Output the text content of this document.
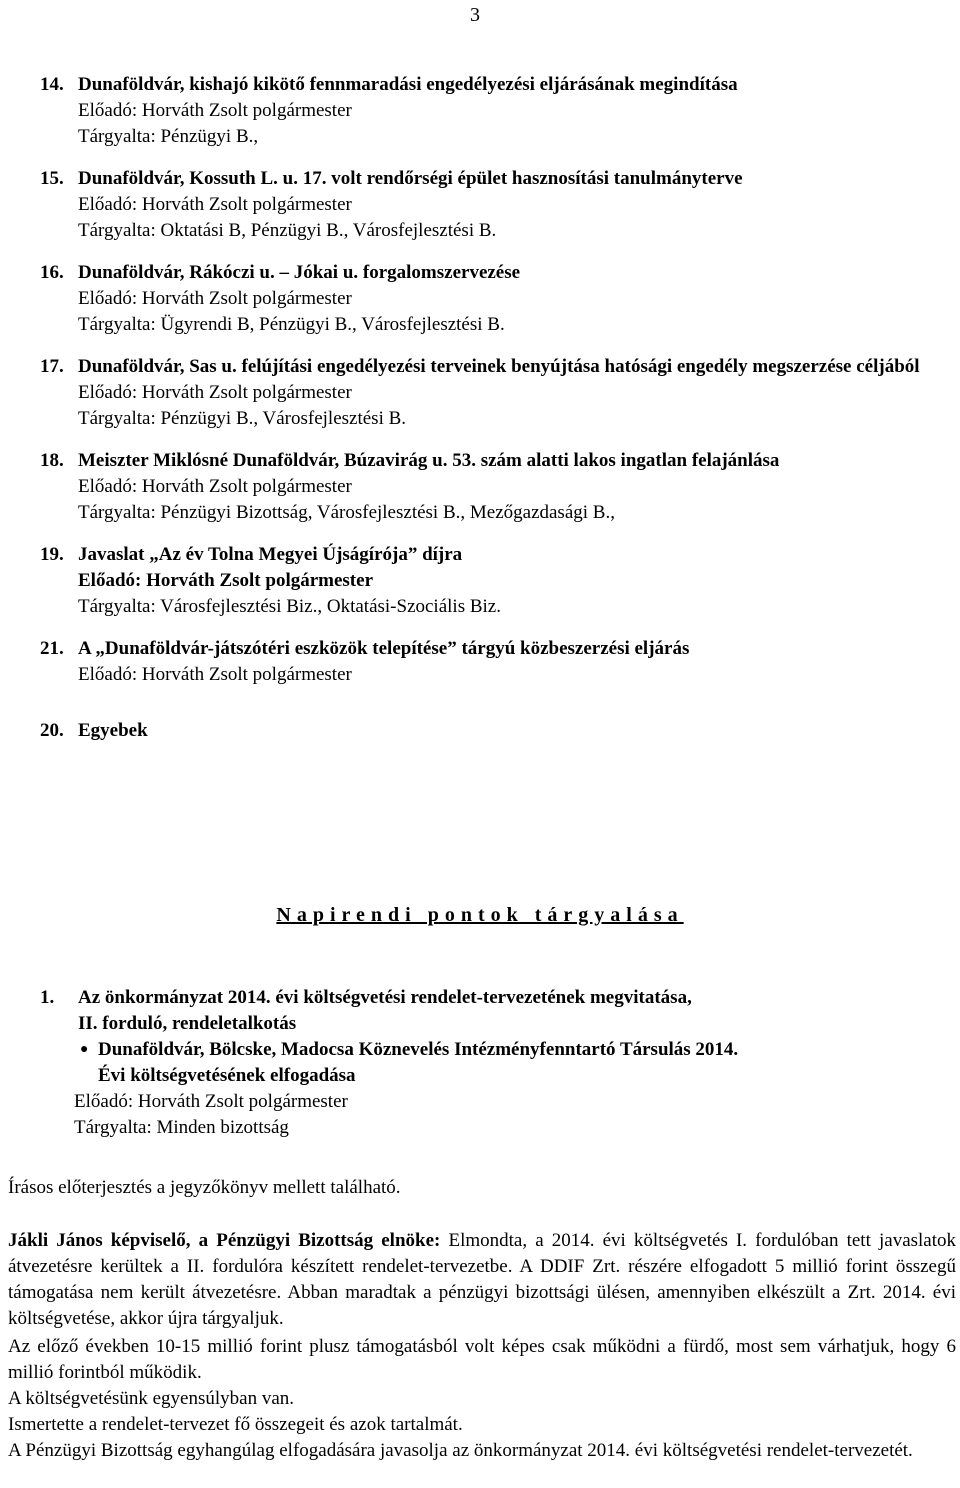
3
14. Dunaföldvár, kishajó kikötő fennmaradási engedélyezési eljárásának megindítása
Előadó: Horváth Zsolt polgármester
Tárgyalta: Pénzügyi B.,
15. Dunaföldvár, Kossuth L. u. 17. volt rendőrségi épület hasznosítási tanulmányterve
Előadó: Horváth Zsolt polgármester
Tárgyalta: Oktatási B, Pénzügyi B., Városfejlesztési B.
16. Dunaföldvár, Rákóczi u. – Jókai u. forgalomszervezése
Előadó: Horváth Zsolt polgármester
Tárgyalta: Ügyrendi B, Pénzügyi B., Városfejlesztési B.
17. Dunaföldvár, Sas u. felújítási engedélyezési terveinek benyújtása hatósági engedély megszerzése céljából
Előadó: Horváth Zsolt polgármester
Tárgyalta: Pénzügyi B., Városfejlesztési B.
18. Meiszter Miklósné Dunaföldvár, Búzavirág u. 53. szám alatti lakos ingatlan felajánlása
Előadó: Horváth Zsolt polgármester
Tárgyalta: Pénzügyi Bizottság, Városfejlesztési B., Mezőgazdasági B.,
19. Javaslat „Az év Tolna Megyei Újságírója” díjra
Előadó: Horváth Zsolt polgármester
Tárgyalta: Városfejlesztési Biz., Oktatási-Szociális Biz.
21. A „Dunaföldvár-játszótéri eszközök telepítése” tárgyú közbeszerzési eljárás
Előadó: Horváth Zsolt polgármester
20. Egyebek
Napirendi pontok tárgyalása
1.	Az önkormányzat 2014. évi költségvetési rendelet-tervezetének megvitatása,
II. forduló, rendeletalkotás
● Dunaföldvár, Bölcske, Madocsa Köznevelés Intézményfenntartó Társulás 2014.
Évi költségvetésének elfogadása
Előadó: Horváth Zsolt polgármester
Tárgyalta: Minden bizottság
Írásos előterjesztés a jegyzőkönyv mellett található.
Jákli János képviselő, a Pénzügyi Bizottság elnöke: Elmondta, a 2014. évi költségvetés I. fordulóban tett javaslatok átvezetésre kerültek a II. fordulóra készített rendelet-tervezetbe. A DDIF Zrt. részére elfogadott 5 millió forint összegű támogatása nem került átvezetésre. Abban maradtak a pénzügyi bizottsági ülésen, amennyiben elkészült a Zrt. 2014. évi költségvetése, akkor újra tárgyaljuk.
Az előző években 10-15 millió forint plusz támogatásból volt képes csak működni a fürdő, most sem várhatjuk, hogy 6 millió forintból működik.
A költségvetésünk egyensúlyban van.
Ismertette a rendelet-tervezet fő összegeit és azok tartalmát.
A Pénzügyi Bizottság egyhangúlag elfogadására javasolja az önkormányzat 2014. évi költségvetési rendelet-tervezetét.
